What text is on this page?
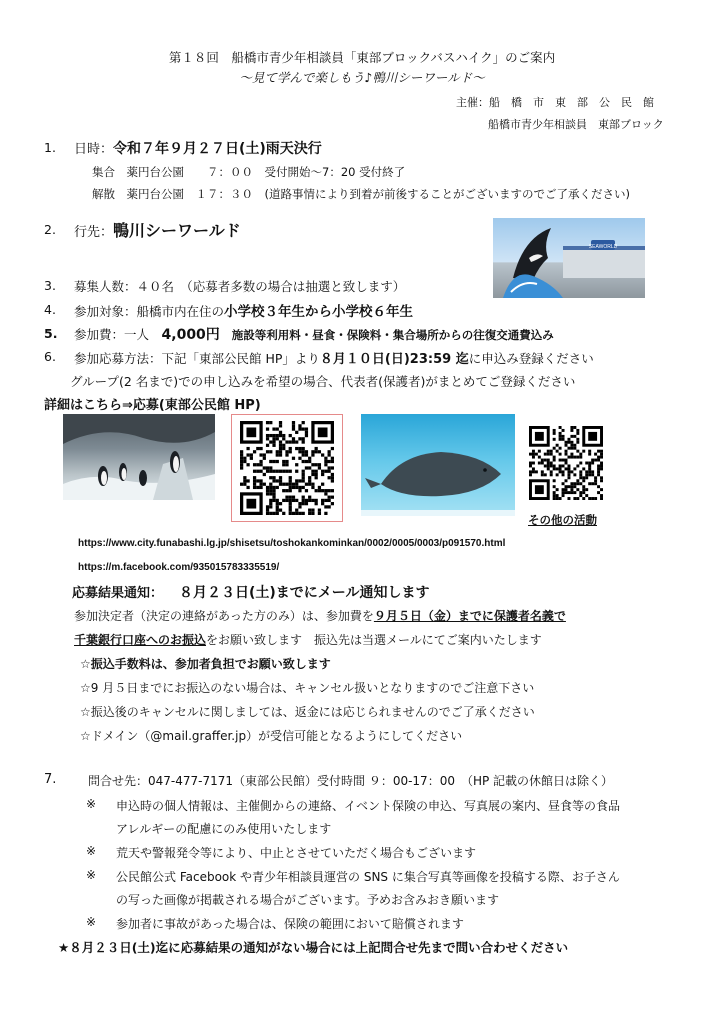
第１８回　船橋市青少年相談員「東部ブロックバスハイク」のご案内
～見て学んで楽しもう♪鴨川シーワールド～
主催：船　橋　市　東　部　公　民　館
船橋市青少年相談員　東部ブロック
1. 日時：令和７年９月２７日(土)雨天決行
集合　薬円台公園　　７：００　受付開始～7：20 受付終了
解散　薬円台公園　１７：３０　(道路事情により到着が前後することがございますのでご了承ください)
2. 行先：鴨川シーワールド
SEAWORLD
3. 募集人数：４０名　（応募者多数の場合は抽選と致します）
4. 参加対象：船橋市内在住の小学校３年生から小学校６年生
5. 参加費：一人　4,000円 施設等利用料・昼食・保険料・集合場所からの往復交通費込み
6. 参加応募方法：下記「東部公民館 HP」より８月１０日(日)23:59 迄に申込み登録ください
グループ(2 名まで)での申し込みを希望の場合、代表者(保護者)がまとめてご登録ください
詳細はこちら⇒応募(東部公民館 HP)
その他の活動
https://www.city.funabashi.lg.jp/shisetsu/toshokankominkan/0002/0005/0003/p091570.html
https://m.facebook.com/935015783335519/
応募結果通知： ８月２３日(土)までにメール通知します
参加決定者（決定の連絡があった方のみ）は、参加費を９月５日（金）までに保護者名義で
千葉銀行口座へのお振込をお願い致します　振込先は当選メールにてご案内いたします
☆振込手数料は、参加者負担でお願い致します
☆9 月５日までにお振込のない場合は、キャンセル扱いとなりますのでご注意下さい
☆振込後のキャンセルに関しましては、返金には応じられませんのでご了承ください
☆ドメイン（@mail.graffer.jp）が受信可能となるようにしてください
7.	問合せ先：047-477-7171（東部公民館）受付時間 ９：00-17：00　（HP 記載の休館日は除く）
※ 申込時の個人情報は、主催側からの連絡、イベント保険の申込、写真展の案内、昼食等の食品
アレルギーの配慮にのみ使用いたします
※ 荒天や警報発令等により、中止とさせていただく場合もございます
※ 公民館公式 Facebook や青少年相談員運営の SNS に集合写真等画像を投稿する際、お子さん
の写った画像が掲載される場合がございます。予めお含みおき願います
※ 参加者に事故があった場合は、保険の範囲において賠償されます
★８月２３日(土)迄に応募結果の通知がない場合には上記問合せ先まで問い合わせください
